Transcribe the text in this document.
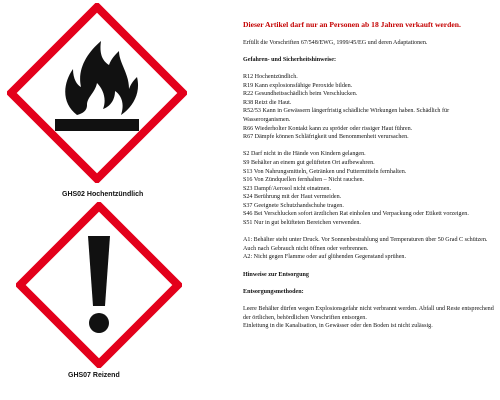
GHS02 Hochentzündlich
GHS07 Reizend

Dieser Artikel darf nur an Personen ab 18 Jahren verkauft werden.

Erfüllt die Vorschriften 67/548/EWG, 1999/45/EG und deren Adaptationen.

Gefahren- und Sicherheitshinweise:

R12 Hochentzündlich.

R19 Kann explosionsfähige Peroxide bilden.

R22 Gesundheitsschädlich beim Verschlucken.

R38 Reizt die Haut.

R52/53 Kann in Gewässern längerfristig schädliche Wirkungen haben. Schädlich für Wasserorganismen.

R66 Wiederholter Kontakt kann zu spröder oder rissiger Haut führen.

R67 Dämpfe können Schläfrigkeit und Benommenheit verursachen.

S2 Darf nicht in die Hände von Kindern gelangen.

S9 Behälter an einem gut gelüfteten Ort aufbewahren.

S13 Von Nahrungsmitteln, Getränken und Futtermitteln fernhalten.

S16 Von Zündquellen fernhalten – Nicht rauchen.

S23 Dampf/Aerosol nicht einatmen.

S24 Berührung mit der Haut vermeiden.

S37 Geeignete Schutzhandschuhe tragen.

S46 Bei Verschlucken sofort ärztlichen Rat einholen und Verpackung oder Etikett vorzeigen.

S51 Nur in gut belüfteten Bereichen verwenden.

A1: Behälter steht unter Druck. Vor Sonnenbestrahlung und Temperaturen über 50 Grad C schützen. Auch nach Gebrauch nicht öffnen oder verbrennen.

A2: Nicht gegen Flamme oder auf glühenden Gegenstand sprühen.

Hinweise zur Entsorgung

Entsorgungsmethoden:

Leere Behälter dürfen wegen Explosionsgefahr nicht verbrannt werden. Abfall und Reste entsprechend der örtlichen, behördlichen Vorschriften entsorgen.

Einleitung in die Kanalisation, in Gewässer oder den Boden ist nicht zulässig.
